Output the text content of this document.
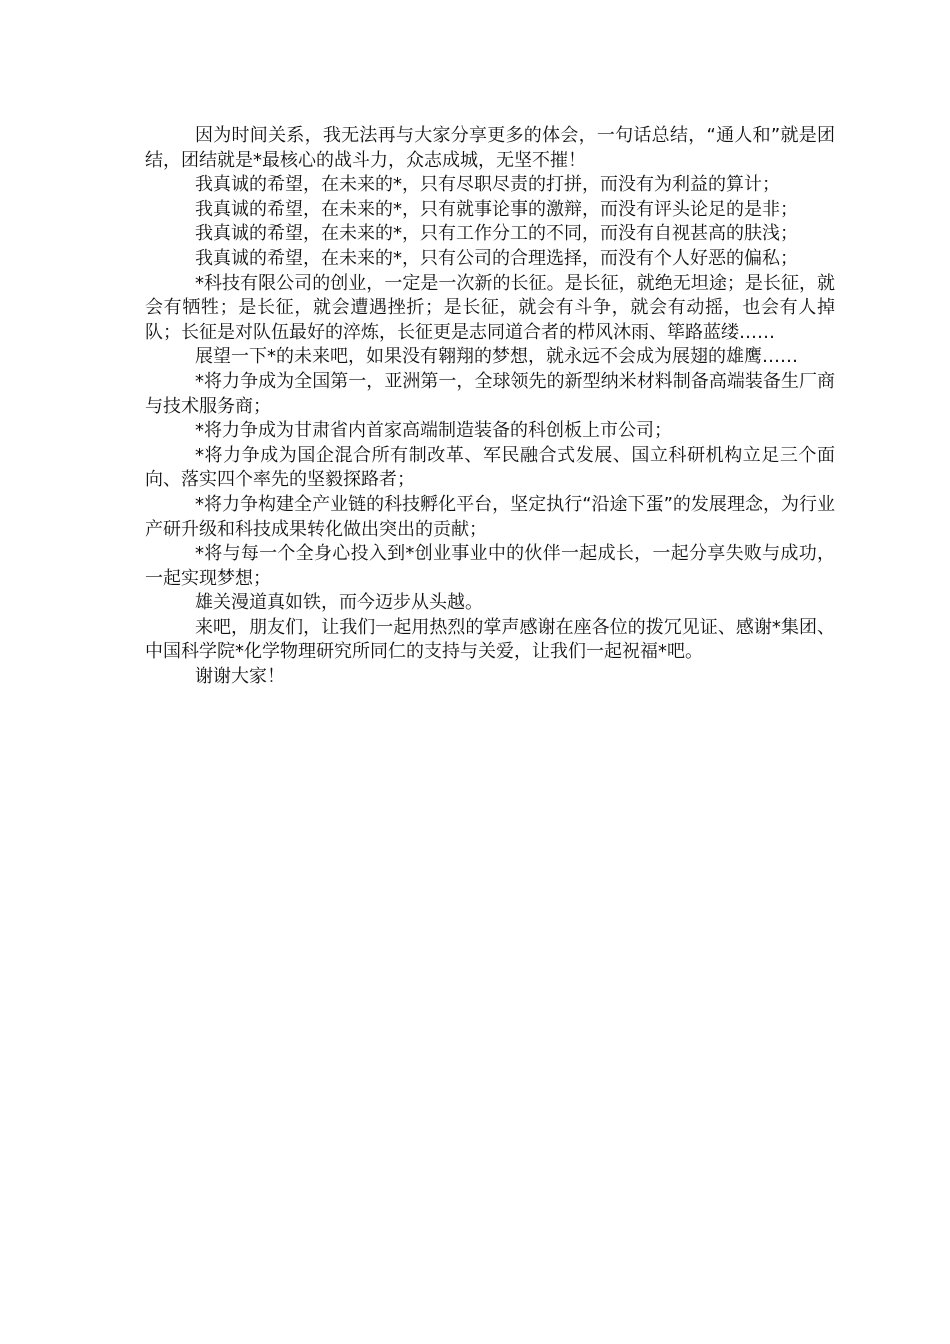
因为时间关系，我无法再与大家分享更多的体会，一句话总结，“通人和”就是团结，团结就是*最核心的战斗力，众志成城，无坚不摧！

我真诚的希望，在未来的*，只有尽职尽责的打拼，而没有为利益的算计；

我真诚的希望，在未来的*，只有就事论事的激辩，而没有评头论足的是非；

我真诚的希望，在未来的*，只有工作分工的不同，而没有自视甚高的肤浅；

我真诚的希望，在未来的*，只有公司的合理选择，而没有个人好恶的偏私；

*科技有限公司的创业，一定是一次新的长征。是长征，就绝无坦途；是长征，就会有牺牲；是长征，就会遭遇挫折；是长征，就会有斗争，就会有动摇，也会有人掉队；长征是对队伍最好的淬炼，长征更是志同道合者的栉风沐雨、筚路蓝缕……

展望一下*的未来吧，如果没有翱翔的梦想，就永远不会成为展翅的雄鹰……

*将力争成为全国第一，亚洲第一，全球领先的新型纳米材料制备高端装备生厂商与技术服务商；

*将力争成为甘肃省内首家高端制造装备的科创板上市公司；

*将力争成为国企混合所有制改革、军民融合式发展、国立科研机构立足三个面向、落实四个率先的坚毅探路者；

*将力争构建全产业链的科技孵化平台，坚定执行“沿途下蛋”的发展理念，为行业产研升级和科技成果转化做出突出的贡献；

*将与每一个全身心投入到*创业事业中的伙伴一起成长，一起分享失败与成功，一起实现梦想；

雄关漫道真如铁，而今迈步从头越。

来吧，朋友们，让我们一起用热烈的掌声感谢在座各位的拨冗见证、感谢*集团、中国科学院*化学物理研究所同仁的支持与关爱，让我们一起祝福*吧。

谢谢大家！
